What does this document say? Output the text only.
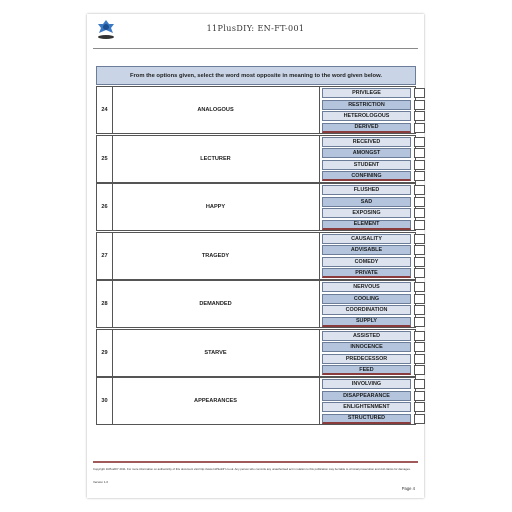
11PlusDIY: EN-FT-001
From the options given, select the word most opposite in meaning to the word given below.
24	ANALOGOUS
PRIVILEGE
RESTRICTION
HETEROLOGOUS
DERIVED
25	LECTURER
RECEIVED
AMONGST
STUDENT
CONFINING
26	HAPPY
FLUSHED
SAD
EXPOSING
ELEMENT
27	TRAGEDY
CAUSALITY
ADVISABLE
COMEDY
PRIVATE
28	DEMANDED
NERVOUS
COOLING
COORDINATION
SUPPLY
29	STARVE
ASSISTED
INNOCENCE
PREDECESSOR
FEED
30	APPEARANCES
INVOLVING
DISAPPEARANCE
ENLIGHTENMENT
STRUCTURED
Copyright 11PlusDIY 2011. For more information on authenticity of this document visit http://www.11PlusDIY.co.uk. Any person who commits any unauthorised act in relation to this publication may be liable to criminal prosecution and civil claims for damages.
Version 1.0
Page 4
